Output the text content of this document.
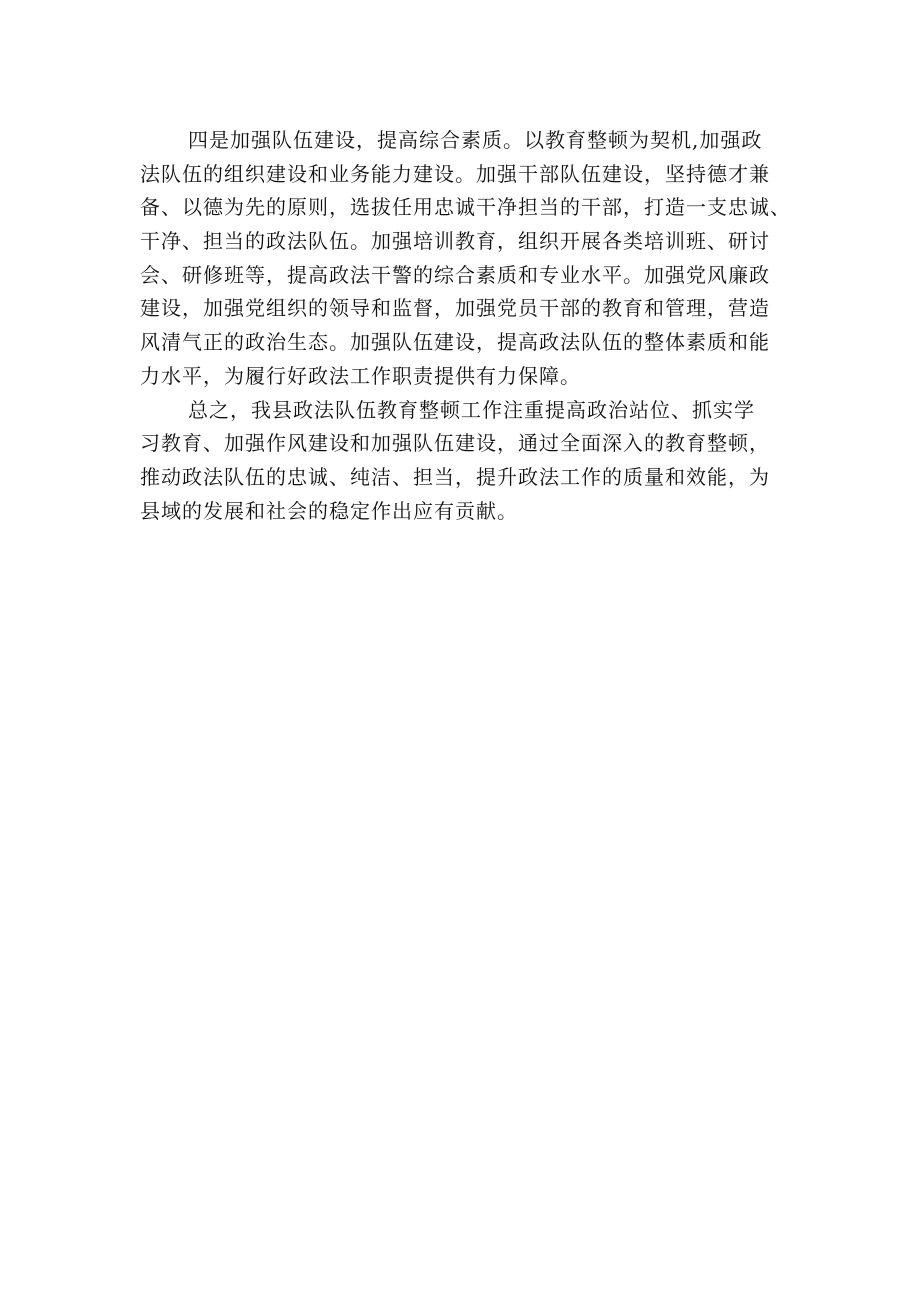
四是加强队伍建设，提高综合素质。以教育整顿为契机,加强政
法队伍的组织建设和业务能力建设。加强干部队伍建设，坚持德才兼
备、以德为先的原则，选拔任用忠诚干净担当的干部，打造一支忠诚、
干净、担当的政法队伍。加强培训教育，组织开展各类培训班、研讨
会、研修班等，提高政法干警的综合素质和专业水平。加强党风廉政
建设，加强党组织的领导和监督，加强党员干部的教育和管理，营造
风清气正的政治生态。加强队伍建设，提高政法队伍的整体素质和能
力水平，为履行好政法工作职责提供有力保障。
总之，我县政法队伍教育整顿工作注重提高政治站位、抓实学
习教育、加强作风建设和加强队伍建设，通过全面深入的教育整顿，
推动政法队伍的忠诚、纯洁、担当，提升政法工作的质量和效能，为
县域的发展和社会的稳定作出应有贡献。
